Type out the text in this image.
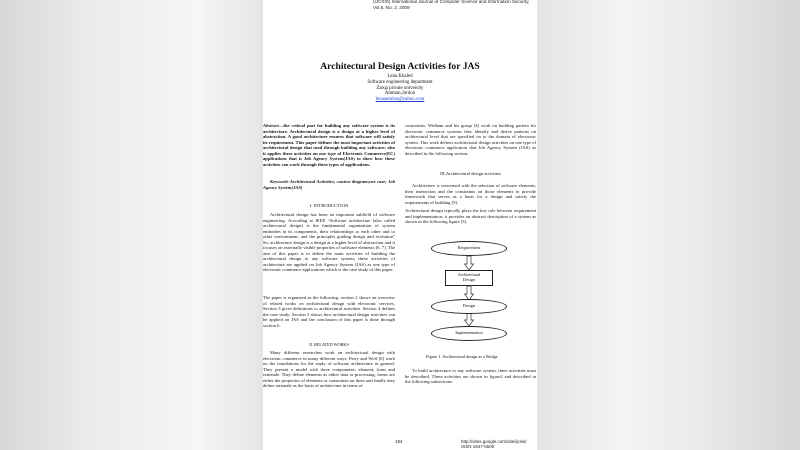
(IJCSIS) International Journal of Computer Science and Information Security,
Vol.6, No. 2, 2009
Architectural Design Activities for JAS
Lena Khaled
Software engineering department
Zarqa private university
Amman,Jordon
lenaaumlzn@yahoo.com
Abstract—the critical part for building any software system is its architecture. Architectural design is a design at a higher level of abstraction. A good architecture ensures that software will satisfy its requirement. This paper defines the most important activities of architectural design that used through building any software; also it applies these activities on one type of Electronic Commerce(EC) applications that is Job Agency System(JAS) to show how these activities can work through these types of applications.
Keywords-Architectural Activities; context diagram;use case; Job Agency System(JAS)
I. INTRODUCTION
Architectural design has been an important subfield of software engineering. According to IEEE “Software architecture (also called architectural design) is the fundamental organization of system embodies in its components, their relationships to each other and to other environment, and the principles guiding design and evolution” So, architecture design is a design at a higher level of abstraction and it focuses on externally visible properties of software elements [6, 7]. The aim of this paper is to define the main activities of building the architectural design to any software system; these activities of architecture are applied on Job Agency System (JAS) as one type of electronic commerce applications which is the case study of this paper.
The paper is organized as the following: section 2 shows an overview of related works on architectural design with electronic services. Section 3 gives definitions to architectural activities. Section 4 defines the case study; Section 5 shows how architectural design activities can be applied on JAS and the conclusion of this paper is done through section 6.
II. RELATED WORKS
Many different researches work on architectural design with electronic commerce in many different ways; Perry and Wolf [6] work on the foundations for the study of software architecture in general. They present a model with three components: element, form and rationale. They define elements as either data or processing, forms are either the properties of elements or constraints on them and finally they define rationale as the basis of architecture in terms of
constraints. Widham and his group [4] work on building pattern for electronic commerce systems they identify and derive patterns on architectural level that are specified on to the domain of electronic system. This work defines architectural design activities on one type of electronic commerce application that Job Agency System (JAS) as described in the following section.
III.Architectural design activities
Architecture is concerned with the selection of software elements, their interaction and the constraints on those elements to provide framework that serves as a basis for a design and satisfy the requirements of building [5].
Architectural design typically plays the key role between requirement and implementation; it provides an abstract description of a system as shown in the following figure [3].
Requirement
Architectural
Design
Design
Implementation
Figure 1. Architectural design as a Bridge
To build architecture to any software system, three activities must be described. These activities are shown in figure2 and described in the following subsections.
194	http://sites.google.com/site/ijcsis/
ISSN 1947-5500
